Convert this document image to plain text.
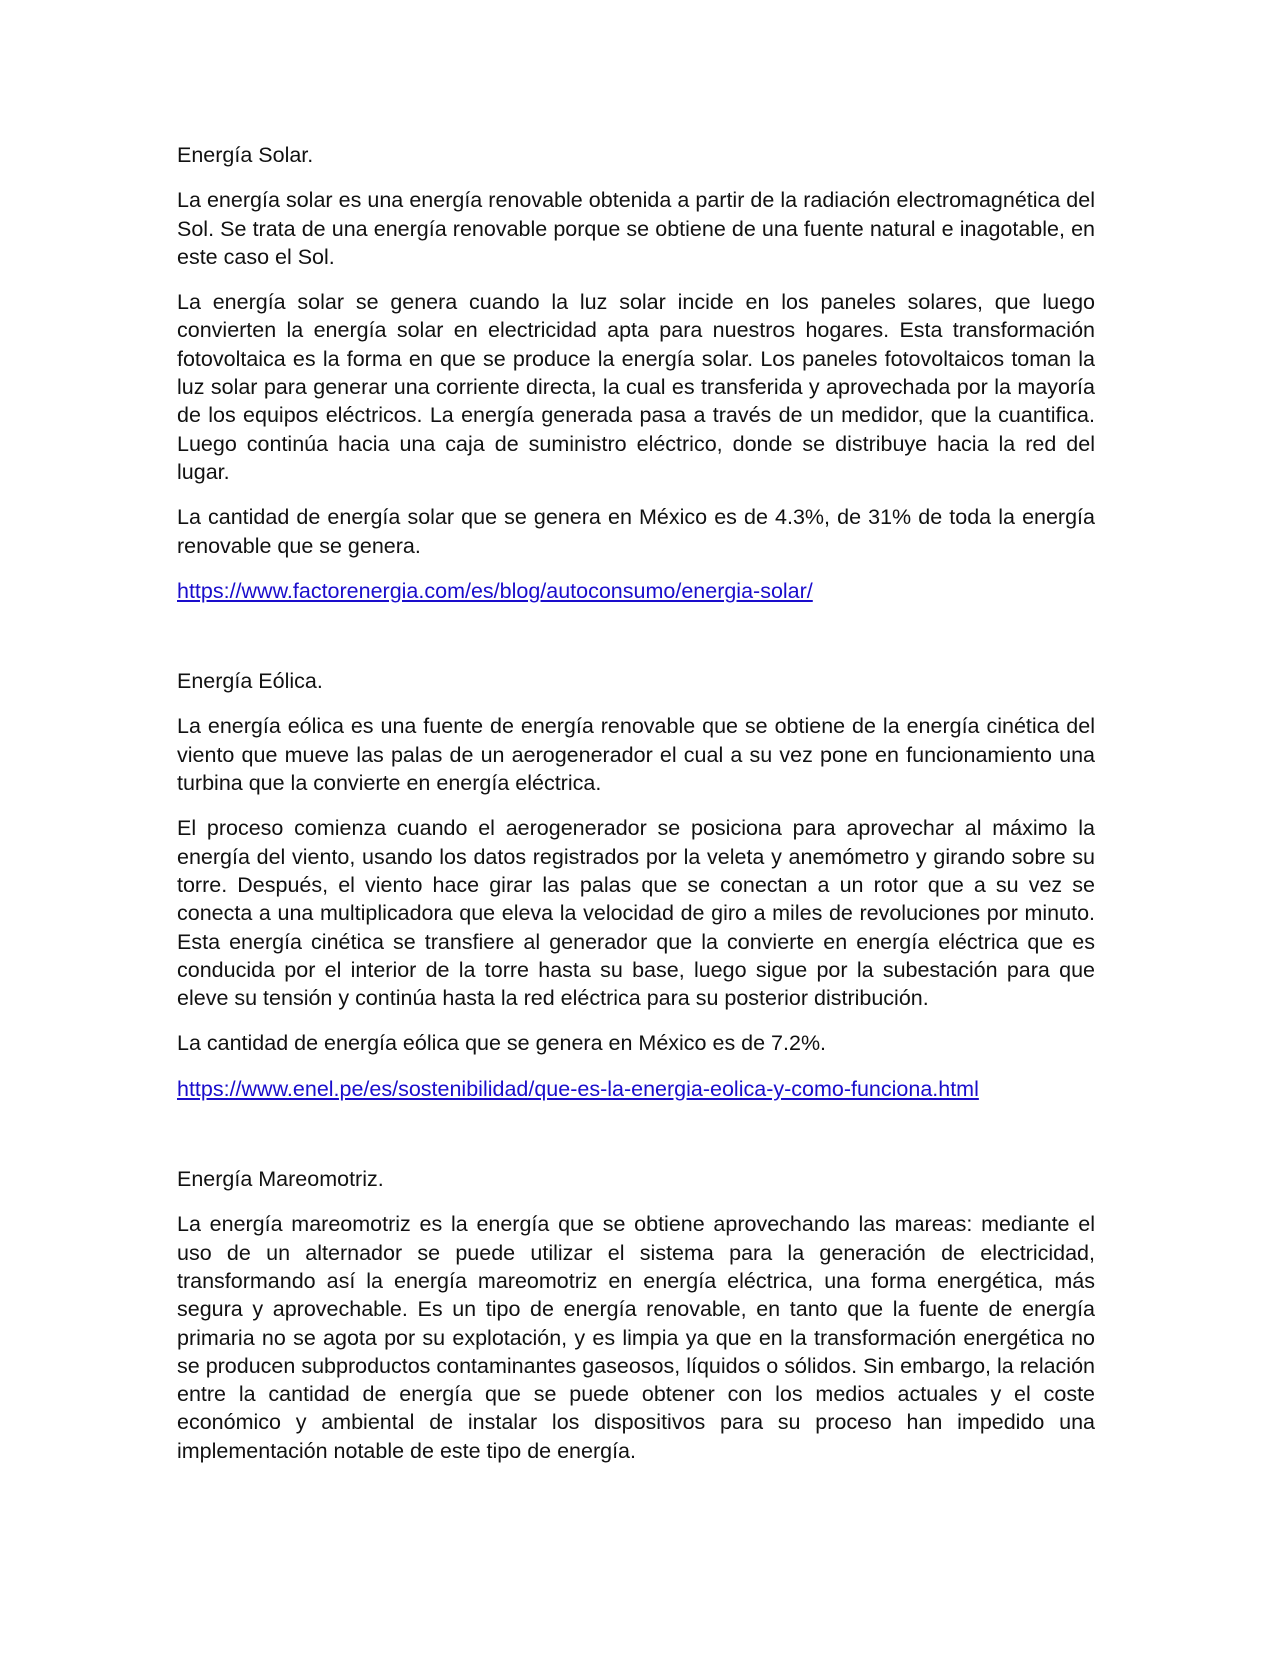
Energía Solar.

La energía solar es una energía renovable obtenida a partir de la radiación electromagnética del Sol. Se trata de una energía renovable porque se obtiene de una fuente natural e inagotable, en este caso el Sol.

La energía solar se genera cuando la luz solar incide en los paneles solares, que luego convierten la energía solar en electricidad apta para nuestros hogares. Esta transformación fotovoltaica es la forma en que se produce la energía solar. Los paneles fotovoltaicos toman la luz solar para generar una corriente directa, la cual es transferida y aprovechada por la mayoría de los equipos eléctricos. La energía generada pasa a través de un medidor, que la cuantifica. Luego continúa hacia una caja de suministro eléctrico, donde se distribuye hacia la red del lugar.

La cantidad de energía solar que se genera en México es de 4.3%, de 31% de toda la energía renovable que se genera.

https://www.factorenergia.com/es/blog/autoconsumo/energia-solar/

Energía Eólica.

La energía eólica es una fuente de energía renovable que se obtiene de la energía cinética del viento que mueve las palas de un aerogenerador el cual a su vez pone en funcionamiento una turbina que la convierte en energía eléctrica.

El proceso comienza cuando el aerogenerador se posiciona para aprovechar al máximo la energía del viento, usando los datos registrados por la veleta y anemómetro y girando sobre su torre. Después, el viento hace girar las palas que se conectan a un rotor que a su vez se conecta a una multiplicadora que eleva la velocidad de giro a miles de revoluciones por minuto. Esta energía cinética se transfiere al generador que la convierte en energía eléctrica que es conducida por el interior de la torre hasta su base, luego sigue por la subestación para que eleve su tensión y continúa hasta la red eléctrica para su posterior distribución.

La cantidad de energía eólica que se genera en México es de 7.2%.

https://www.enel.pe/es/sostenibilidad/que-es-la-energia-eolica-y-como-funciona.html

Energía Mareomotriz.

La energía mareomotriz es la energía que se obtiene aprovechando las mareas: mediante el uso de un alternador se puede utilizar el sistema para la generación de electricidad, transformando así la energía mareomotriz en energía eléctrica, una forma energética, más segura y aprovechable. Es un tipo de energía renovable, en tanto que la fuente de energía primaria no se agota por su explotación, y es limpia ya que en la transformación energética no se producen subproductos contaminantes gaseosos, líquidos o sólidos. Sin embargo, la relación entre la cantidad de energía que se puede obtener con los medios actuales y el coste económico y ambiental de instalar los dispositivos para su proceso han impedido una implementación notable de este tipo de energía.
